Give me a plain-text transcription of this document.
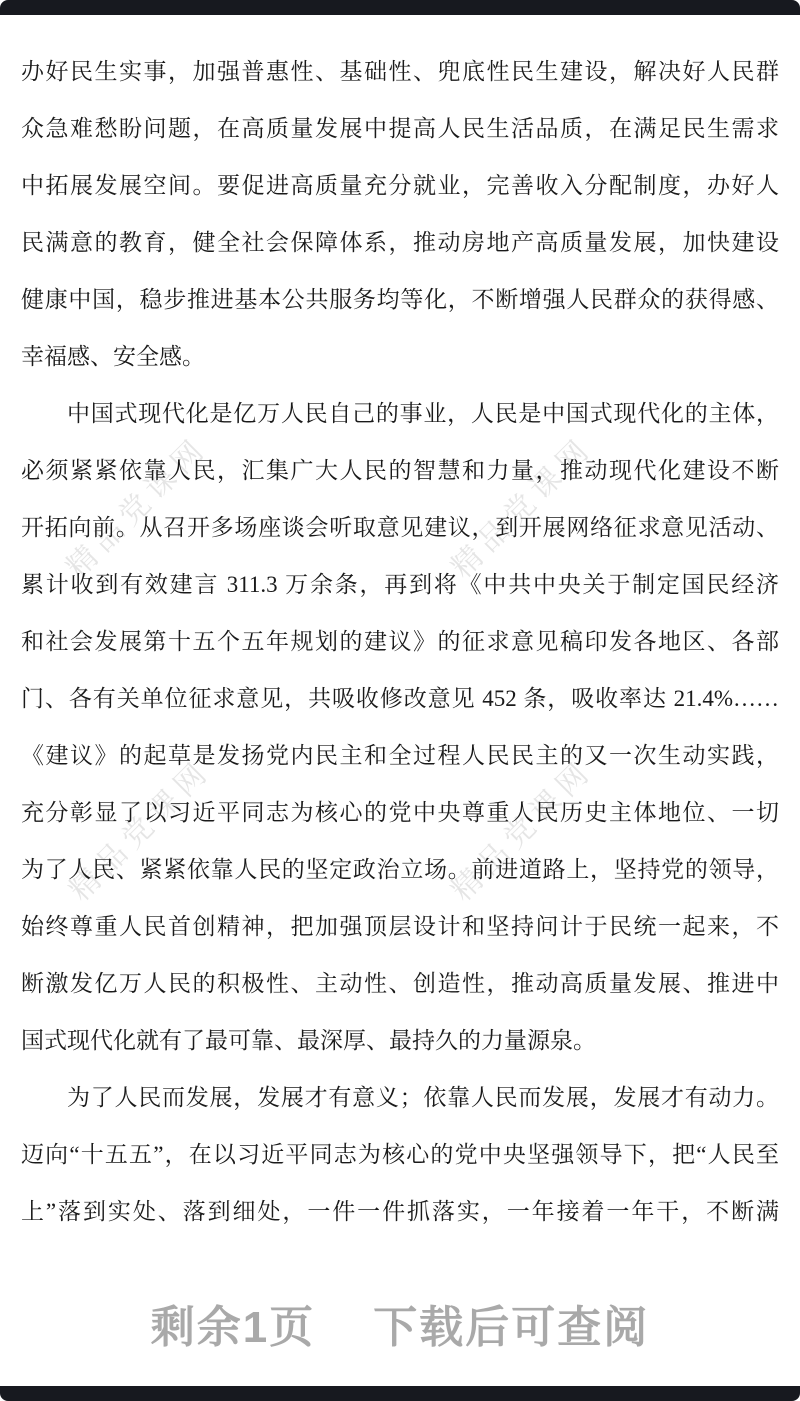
精品党课网	精品党课网
精品党课网	精品党课网
办好民生实事，加强普惠性、基础性、兜底性民生建设，解决好人民群
众急难愁盼问题，在高质量发展中提高人民生活品质，在满足民生需求
中拓展发展空间。要促进高质量充分就业，完善收入分配制度，办好人
民满意的教育，健全社会保障体系，推动房地产高质量发展，加快建设
健康中国，稳步推进基本公共服务均等化，不断增强人民群众的获得感、
幸福感、安全感。
中国式现代化是亿万人民自己的事业，人民是中国式现代化的主体，
必须紧紧依靠人民，汇集广大人民的智慧和力量，推动现代化建设不断
开拓向前。从召开多场座谈会听取意见建议，到开展网络征求意见活动、
累计收到有效建言 311.3 万余条，再到将《中共中央关于制定国民经济
和社会发展第十五个五年规划的建议》的征求意见稿印发各地区、各部
门、各有关单位征求意见，共吸收修改意见 452 条，吸收率达 21.4%……
《建议》的起草是发扬党内民主和全过程人民民主的又一次生动实践，
充分彰显了以习近平同志为核心的党中央尊重人民历史主体地位、一切
为了人民、紧紧依靠人民的坚定政治立场。前进道路上，坚持党的领导，
始终尊重人民首创精神，把加强顶层设计和坚持问计于民统一起来，不
断激发亿万人民的积极性、主动性、创造性，推动高质量发展、推进中
国式现代化就有了最可靠、最深厚、最持久的力量源泉。
为了人民而发展，发展才有意义；依靠人民而发展，发展才有动力。
迈向“十五五”，在以习近平同志为核心的党中央坚强领导下，把“人民至
上”落到实处、落到细处，一件一件抓落实，一年接着一年干，不断满
剩余1页 下载后可查阅
